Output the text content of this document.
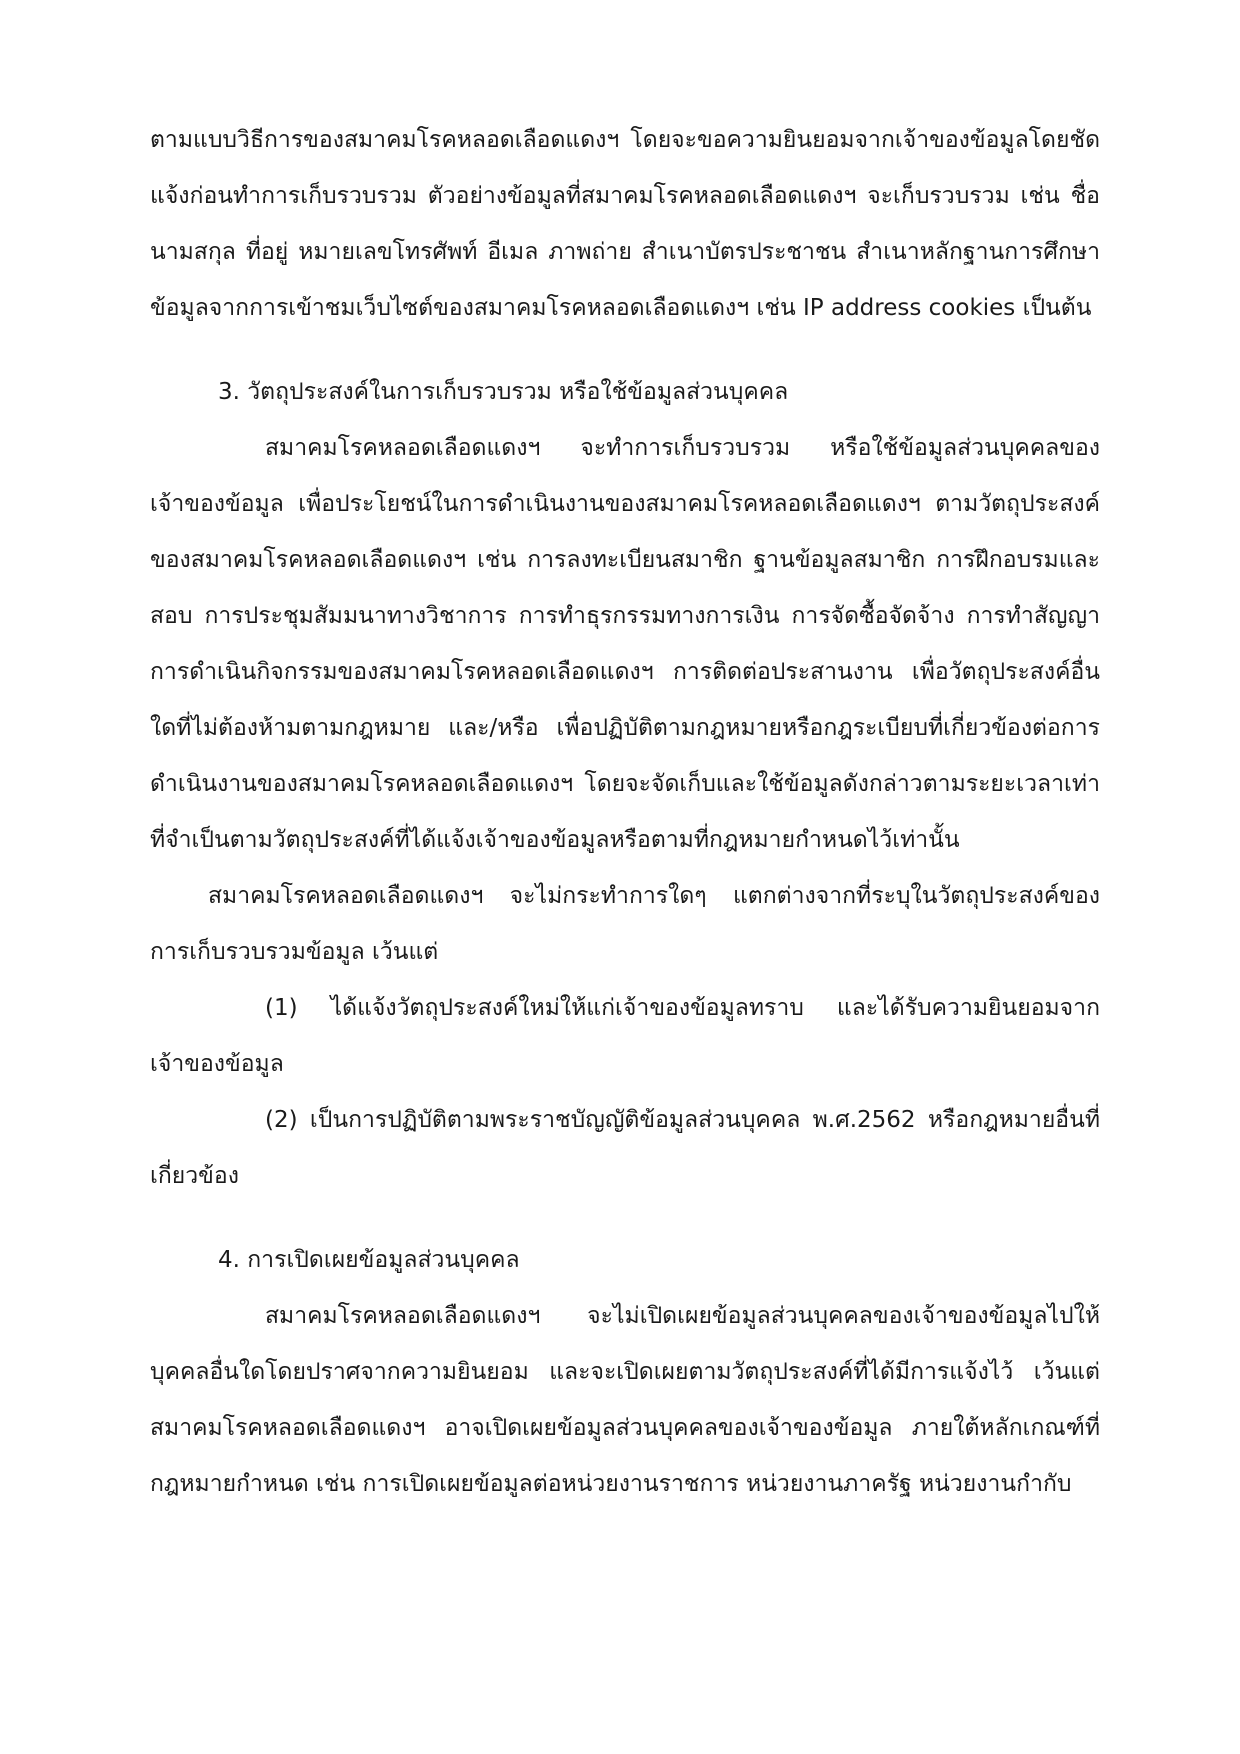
ตามแบบวิธีการของสมาคมโรคหลอดเลือดแดงฯ โดยจะขอความยินยอมจากเจ้าของข้อมูลโดยชัดแจ้งก่อนทำการเก็บรวบรวม ตัวอย่างข้อมูลที่สมาคมโรคหลอดเลือดแดงฯ จะเก็บรวบรวม เช่น ชื่อ นามสกุล ที่อยู่ หมายเลขโทรศัพท์ อีเมล ภาพถ่าย สำเนาบัตรประชาชน สำเนาหลักฐานการศึกษา ข้อมูลจากการเข้าชมเว็บไซต์ของสมาคมโรคหลอดเลือดแดงฯ เช่น IP address cookies เป็นต้น

3. วัตถุประสงค์ในการเก็บรวบรวม หรือใช้ข้อมูลส่วนบุคคล

สมาคมโรคหลอดเลือดแดงฯ จะทำการเก็บรวบรวม หรือใช้ข้อมูลส่วนบุคคลของเจ้าของข้อมูล เพื่อประโยชน์ในการดำเนินงานของสมาคมโรคหลอดเลือดแดงฯ ตามวัตถุประสงค์ของสมาคมโรคหลอดเลือดแดงฯ เช่น การลงทะเบียนสมาชิก ฐานข้อมูลสมาชิก การฝึกอบรมและสอบ การประชุมสัมมนาทางวิชาการ การทำธุรกรรมทางการเงิน การจัดซื้อจัดจ้าง การทำสัญญา การดำเนินกิจกรรมของสมาคมโรคหลอดเลือดแดงฯ การติดต่อประสานงาน เพื่อวัตถุประสงค์อื่นใดที่ไม่ต้องห้ามตามกฎหมาย และ/หรือ เพื่อปฏิบัติตามกฎหมายหรือกฎระเบียบที่เกี่ยวข้องต่อการดำเนินงานของสมาคมโรคหลอดเลือดแดงฯ โดยจะจัดเก็บและใช้ข้อมูลดังกล่าวตามระยะเวลาเท่าที่จำเป็นตามวัตถุประสงค์ที่ได้แจ้งเจ้าของข้อมูลหรือตามที่กฎหมายกำหนดไว้เท่านั้น

สมาคมโรคหลอดเลือดแดงฯ จะไม่กระทำการใดๆ แตกต่างจากที่ระบุในวัตถุประสงค์ของการเก็บรวบรวมข้อมูล เว้นแต่

(1) ได้แจ้งวัตถุประสงค์ใหม่ให้แก่เจ้าของข้อมูลทราบ และได้รับความยินยอมจากเจ้าของข้อมูล

(2) เป็นการปฏิบัติตามพระราชบัญญัติข้อมูลส่วนบุคคล พ.ศ.2562 หรือกฎหมายอื่นที่เกี่ยวข้อง

4. การเปิดเผยข้อมูลส่วนบุคคล

สมาคมโรคหลอดเลือดแดงฯ จะไม่เปิดเผยข้อมูลส่วนบุคคลของเจ้าของข้อมูลไปให้บุคคลอื่นใดโดยปราศจากความยินยอม และจะเปิดเผยตามวัตถุประสงค์ที่ได้มีการแจ้งไว้ เว้นแต่สมาคมโรคหลอดเลือดแดงฯ อาจเปิดเผยข้อมูลส่วนบุคคลของเจ้าของข้อมูล ภายใต้หลักเกณฑ์ที่กฎหมายกำหนด เช่น การเปิดเผยข้อมูลต่อหน่วยงานราชการ หน่วยงานภาครัฐ หน่วยงานกำกับ
